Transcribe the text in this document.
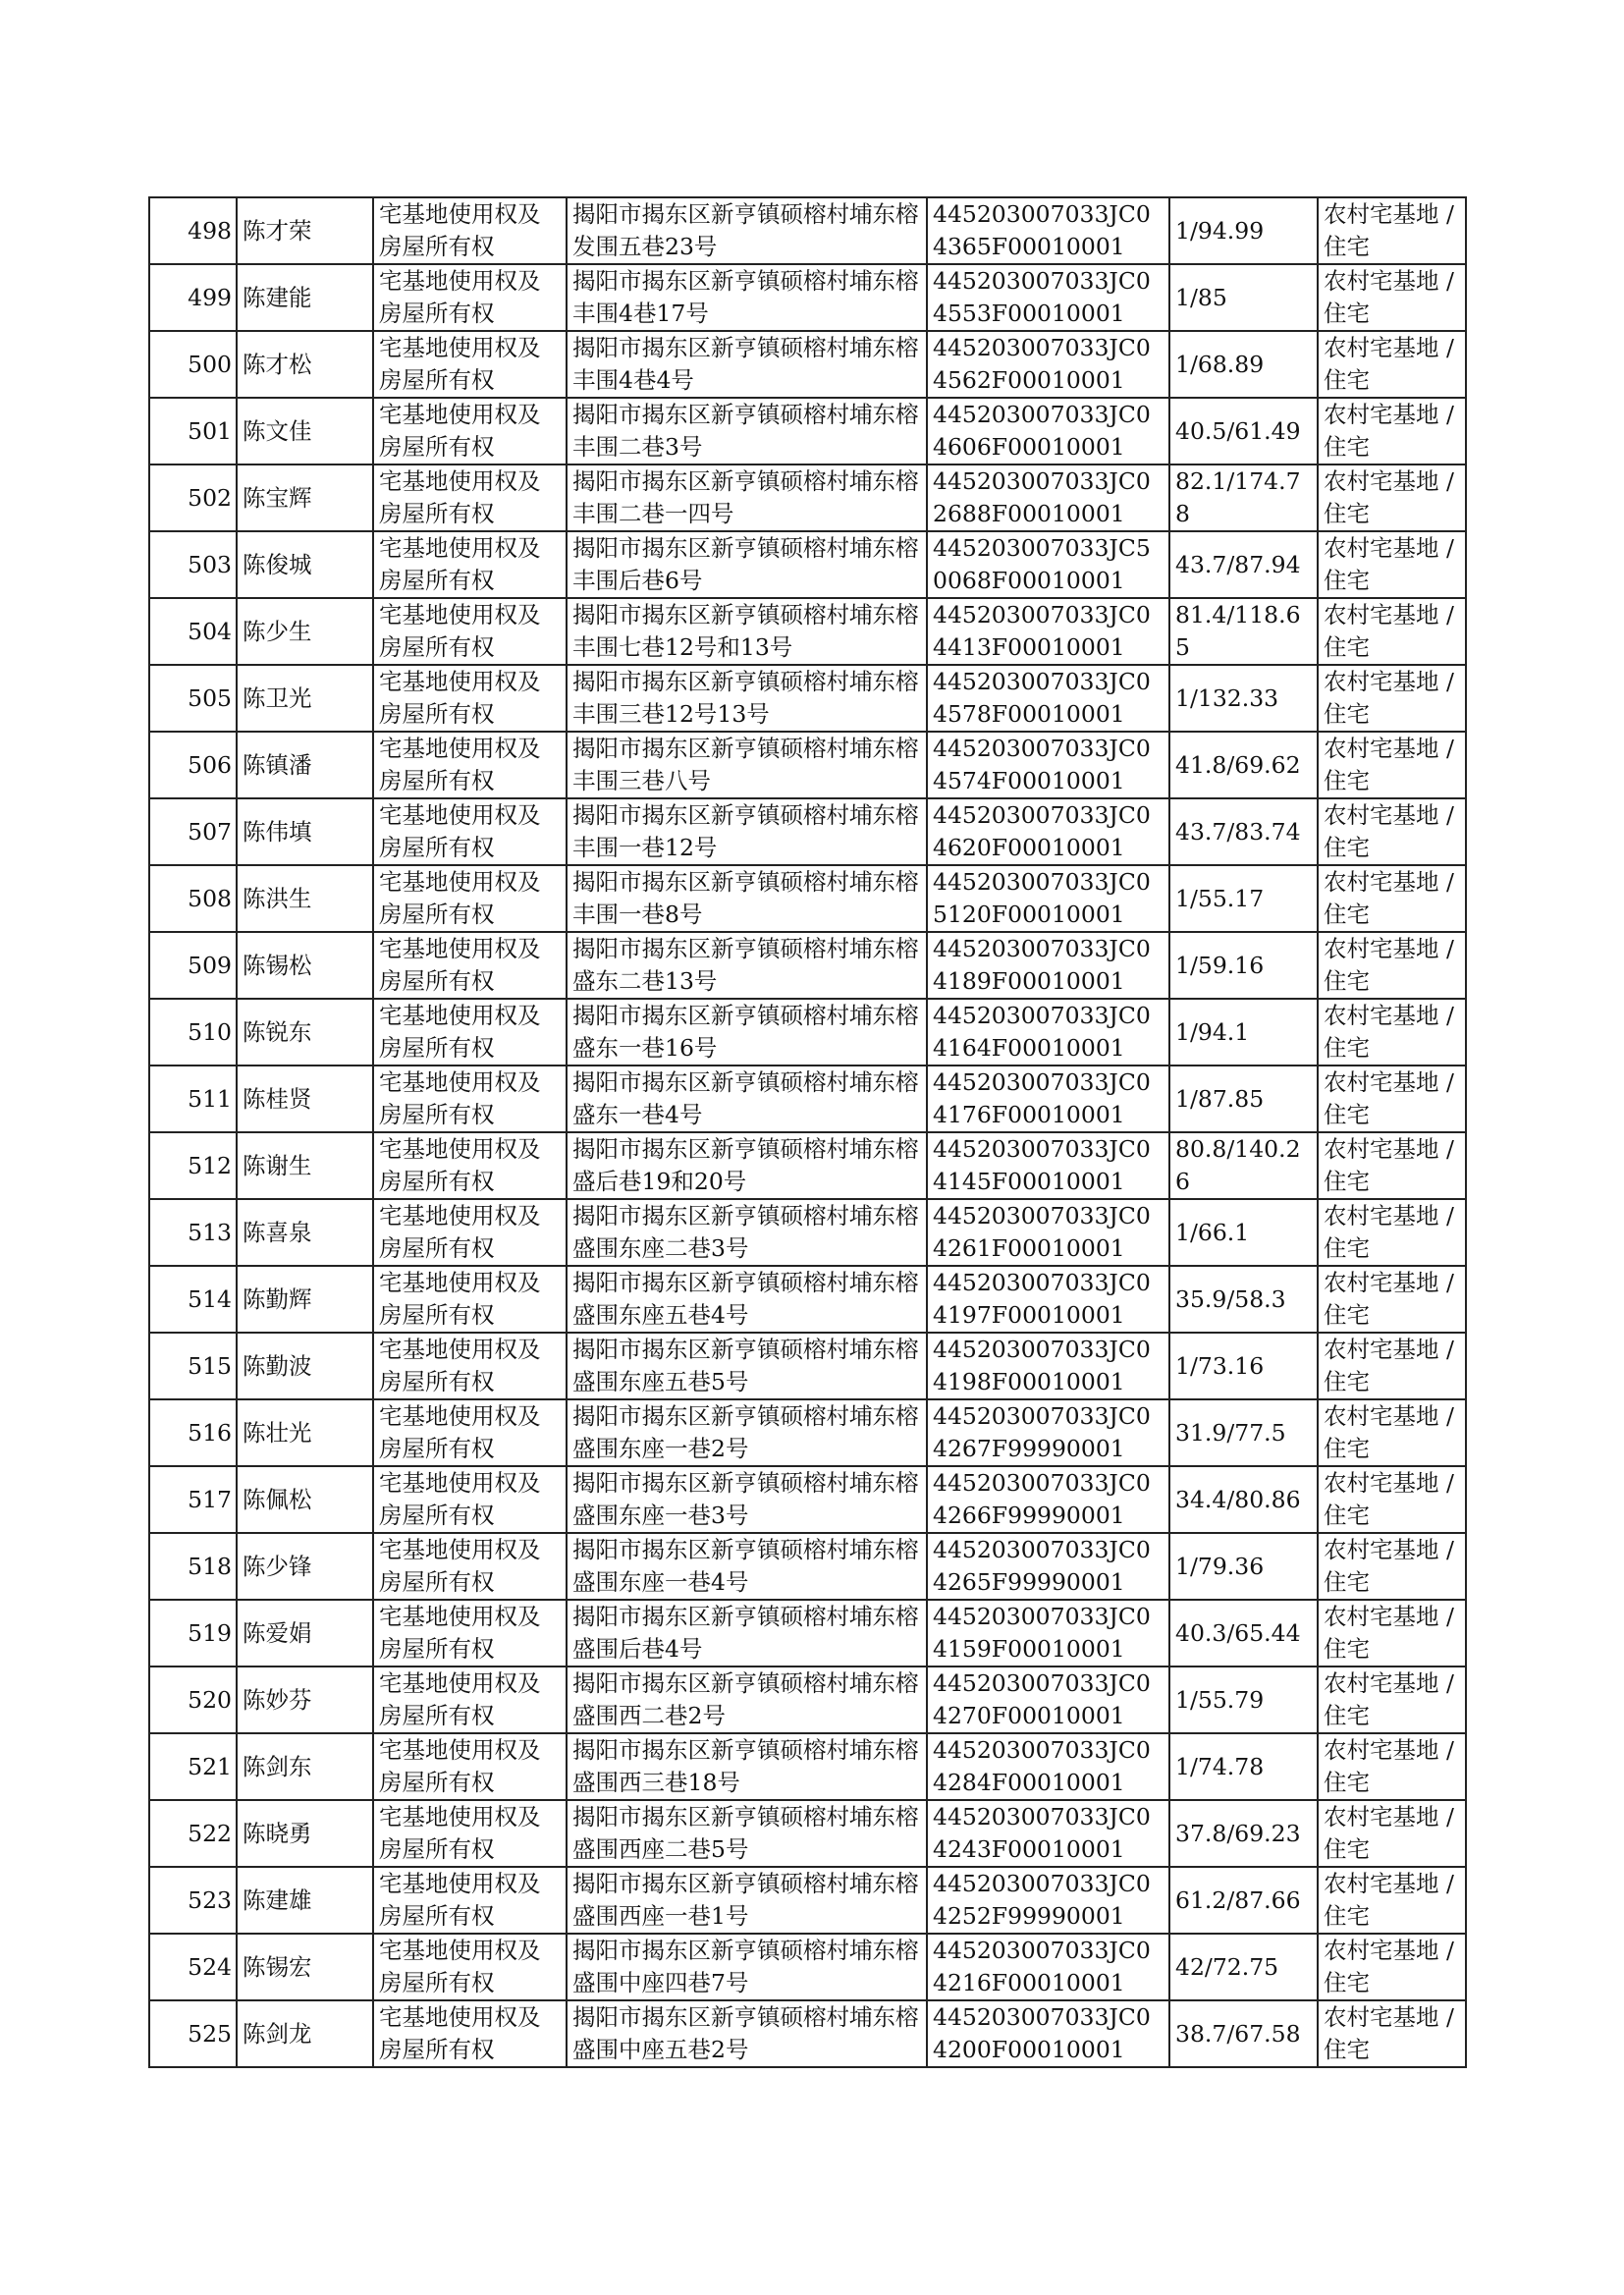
498	陈才荣	宅基地使用权及房屋所有权	揭阳市揭东区新亨镇硕榕村埔东榕发围五巷23号	445203007033JC04365F00010001	1/94.99	农村宅基地 / 住宅

499	陈建能	宅基地使用权及房屋所有权	揭阳市揭东区新亨镇硕榕村埔东榕丰围4巷17号	445203007033JC04553F00010001	1/85	农村宅基地 / 住宅

500	陈才松	宅基地使用权及房屋所有权	揭阳市揭东区新亨镇硕榕村埔东榕丰围4巷4号	445203007033JC04562F00010001	1/68.89	农村宅基地 / 住宅

501	陈文佳	宅基地使用权及房屋所有权	揭阳市揭东区新亨镇硕榕村埔东榕丰围二巷3号	445203007033JC04606F00010001	40.5/61.49	农村宅基地 / 住宅

502	陈宝辉	宅基地使用权及房屋所有权	揭阳市揭东区新亨镇硕榕村埔东榕丰围二巷一四号	445203007033JC02688F00010001	82.1/174.78	农村宅基地 / 住宅

503	陈俊城	宅基地使用权及房屋所有权	揭阳市揭东区新亨镇硕榕村埔东榕丰围后巷6号	445203007033JC50068F00010001	43.7/87.94	农村宅基地 / 住宅

504	陈少生	宅基地使用权及房屋所有权	揭阳市揭东区新亨镇硕榕村埔东榕丰围七巷12号和13号	445203007033JC04413F00010001	81.4/118.65	农村宅基地 / 住宅

505	陈卫光	宅基地使用权及房屋所有权	揭阳市揭东区新亨镇硕榕村埔东榕丰围三巷12号13号	445203007033JC04578F00010001	1/132.33	农村宅基地 / 住宅

506	陈镇潘	宅基地使用权及房屋所有权	揭阳市揭东区新亨镇硕榕村埔东榕丰围三巷八号	445203007033JC04574F00010001	41.8/69.62	农村宅基地 / 住宅

507	陈伟填	宅基地使用权及房屋所有权	揭阳市揭东区新亨镇硕榕村埔东榕丰围一巷12号	445203007033JC04620F00010001	43.7/83.74	农村宅基地 / 住宅

508	陈洪生	宅基地使用权及房屋所有权	揭阳市揭东区新亨镇硕榕村埔东榕丰围一巷8号	445203007033JC05120F00010001	1/55.17	农村宅基地 / 住宅

509	陈锡松	宅基地使用权及房屋所有权	揭阳市揭东区新亨镇硕榕村埔东榕盛东二巷13号	445203007033JC04189F00010001	1/59.16	农村宅基地 / 住宅

510	陈锐东	宅基地使用权及房屋所有权	揭阳市揭东区新亨镇硕榕村埔东榕盛东一巷16号	445203007033JC04164F00010001	1/94.1	农村宅基地 / 住宅

511	陈桂贤	宅基地使用权及房屋所有权	揭阳市揭东区新亨镇硕榕村埔东榕盛东一巷4号	445203007033JC04176F00010001	1/87.85	农村宅基地 / 住宅

512	陈谢生	宅基地使用权及房屋所有权	揭阳市揭东区新亨镇硕榕村埔东榕盛后巷19和20号	445203007033JC04145F00010001	80.8/140.26	农村宅基地 / 住宅

513	陈喜泉	宅基地使用权及房屋所有权	揭阳市揭东区新亨镇硕榕村埔东榕盛围东座二巷3号	445203007033JC04261F00010001	1/66.1	农村宅基地 / 住宅

514	陈勤辉	宅基地使用权及房屋所有权	揭阳市揭东区新亨镇硕榕村埔东榕盛围东座五巷4号	445203007033JC04197F00010001	35.9/58.3	农村宅基地 / 住宅

515	陈勤波	宅基地使用权及房屋所有权	揭阳市揭东区新亨镇硕榕村埔东榕盛围东座五巷5号	445203007033JC04198F00010001	1/73.16	农村宅基地 / 住宅

516	陈壮光	宅基地使用权及房屋所有权	揭阳市揭东区新亨镇硕榕村埔东榕盛围东座一巷2号	445203007033JC04267F99990001	31.9/77.5	农村宅基地 / 住宅

517	陈佩松	宅基地使用权及房屋所有权	揭阳市揭东区新亨镇硕榕村埔东榕盛围东座一巷3号	445203007033JC04266F99990001	34.4/80.86	农村宅基地 / 住宅

518	陈少锋	宅基地使用权及房屋所有权	揭阳市揭东区新亨镇硕榕村埔东榕盛围东座一巷4号	445203007033JC04265F99990001	1/79.36	农村宅基地 / 住宅

519	陈爱娟	宅基地使用权及房屋所有权	揭阳市揭东区新亨镇硕榕村埔东榕盛围后巷4号	445203007033JC04159F00010001	40.3/65.44	农村宅基地 / 住宅

520	陈妙芬	宅基地使用权及房屋所有权	揭阳市揭东区新亨镇硕榕村埔东榕盛围西二巷2号	445203007033JC04270F00010001	1/55.79	农村宅基地 / 住宅

521	陈剑东	宅基地使用权及房屋所有权	揭阳市揭东区新亨镇硕榕村埔东榕盛围西三巷18号	445203007033JC04284F00010001	1/74.78	农村宅基地 / 住宅

522	陈晓勇	宅基地使用权及房屋所有权	揭阳市揭东区新亨镇硕榕村埔东榕盛围西座二巷5号	445203007033JC04243F00010001	37.8/69.23	农村宅基地 / 住宅

523	陈建雄	宅基地使用权及房屋所有权	揭阳市揭东区新亨镇硕榕村埔东榕盛围西座一巷1号	445203007033JC04252F99990001	61.2/87.66	农村宅基地 / 住宅

524	陈锡宏	宅基地使用权及房屋所有权	揭阳市揭东区新亨镇硕榕村埔东榕盛围中座四巷7号	445203007033JC04216F00010001	42/72.75	农村宅基地 / 住宅

525	陈剑龙	宅基地使用权及房屋所有权	揭阳市揭东区新亨镇硕榕村埔东榕盛围中座五巷2号	445203007033JC04200F00010001	38.7/67.58	农村宅基地 / 住宅
